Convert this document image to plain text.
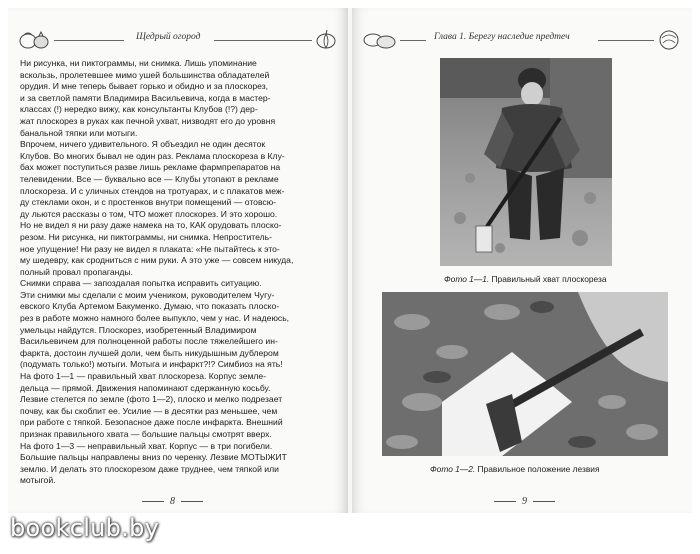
Щедрый огород

Ни рисунка, ни пиктограммы, ни снимка. Лишь упоминание

вскользь, пролетевшее мимо ушей большинства обладателей

орудия. И мне теперь бывает горько и обидно и за плоскорез,

и за светлой памяти Владимира Васильевича, когда в мастер-

классах (!) нередко вижу, как консультанты Клубов (!?) дер-

жат плоскорез в руках как печной ухват, низводят его до уровня

банальной тяпки или мотыги.

Впрочем, ничего удивительного. Я объездил не один десяток

Клубов. Во многих бывал не один раз. Реклама плоскореза в Клу-

бах может поступиться разве лишь рекламе фармпрепаратов на

телевидении. Все — буквально все — Клубы утопают в рекламе

плоскореза. И с уличных стендов на тротуарах, и с плакатов меж-

ду стеклами окон, и с простенков внутри помещений — отовсю-

ду льются рассказы о том, ЧТО может плоскорез. И это хорошо.

Но не видел я ни разу даже намека на то, КАК орудовать плоско-

резом. Ни рисунка, ни пиктограммы, ни снимка. Непроститель-

ное упущение! Ни разу не видел я плаката: «Не пытайтесь к это-

му шедевру, как сродниться с ним руки. А это уже — совсем никуда,

полный провал пропаганды.

Снимки справа — запоздалая попытка исправить ситуацию.

Эти снимки мы сделали с моим учеником, руководителем Чугу-

евского Клуба Артемом Бакуменко. Думаю, что показать плоско-

рез в работе можно намного более выпукло, чем у нас. И надеюсь,

умельцы найдутся. Плоскорез, изобретенный Владимиром

Васильевичем для полноценной работы после тяжелейшего ин-

фаркта, достоин лучшей доли, чем быть никудышным дублером

(подумать только!) мотыги. Мотыга и инфаркт?!? Симбиоз на ять!

На фото 1—1 — правильный хват плоскореза. Корпус земле-

дельца — прямой. Движения напоминают сдержанную косьбу.

Лезвие стелется по земле (фото 1—2), плоско и мелко подрезает

почву, как бы скоблит ее. Усилие — в десятки раз меньшее, чем

при работе с тяпкой. Безопасное даже после инфаркта. Внешний

признак правильного хвата — большие пальцы смотрят вверх.

На фото 1—3 — неправильный хват. Корпус — в три погибели.

Большие пальцы направлены вниз по черенку. Лезвие МОТЫЖИТ

землю. И делать это плоскорезом даже труднее, чем тяпкой или

мотыгой.

8
Глава 1. Берегу наследие предтеч
Фото 1—1. Правильный хват плоскореза
Фото 1—2. Правильное положение лезвия
9
bookclub.by
